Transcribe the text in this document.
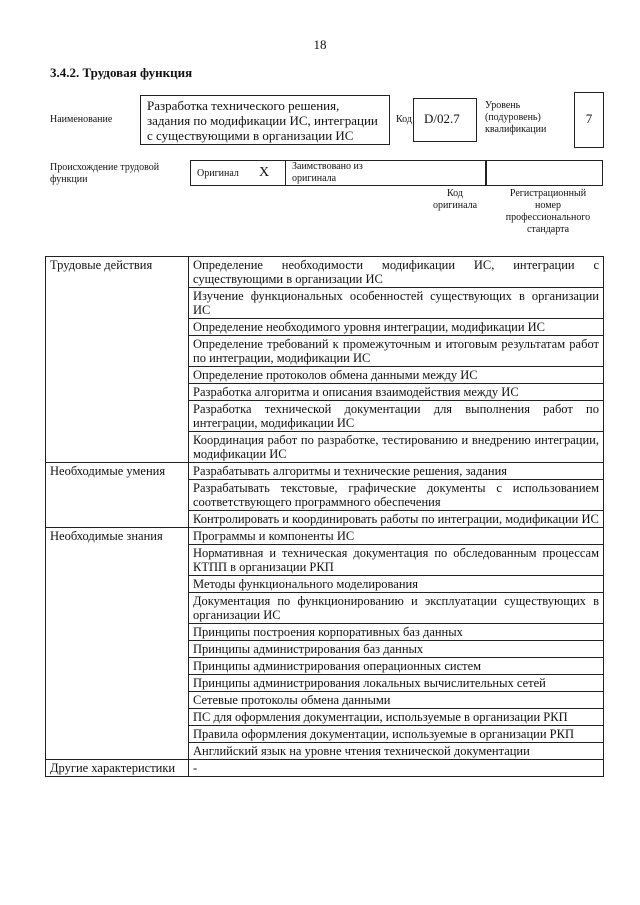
18
3.4.2. Трудовая функция
Наименование
Разработка технического решения, задания по модификации ИС, интеграции с существующими в организации ИС
Код D/02.7
Уровень (подуровень) квалификации
7
Происхождение трудовой функции
Оригинал X Заимствовано из оригинала
Код оригинала
Регистрационный номер профессионального стандарта
Трудовые действия	Определение необходимости модификации ИС, интеграции с существующими в организации ИС
	Изучение функциональных особенностей существующих в организации ИС
	Определение необходимого уровня интеграции, модификации ИС
	Определение требований к промежуточным и итоговым результатам работ по интеграции, модификации ИС
	Определение протоколов обмена данными между ИС
	Разработка алгоритма и описания взаимодействия между ИС
	Разработка технической документации для выполнения работ по интеграции, модификации ИС
	Координация работ по разработке, тестированию и внедрению интеграции, модификации ИС
Необходимые умения	Разрабатывать алгоритмы и технические решения, задания
	Разрабатывать текстовые, графические документы с использованием соответствующего программного обеспечения
	Контролировать и координировать работы по интеграции, модификации ИС
Необходимые знания	Программы и компоненты ИС
	Нормативная и техническая документация по обследованным процессам КТПП в организации РКП
	Методы функционального моделирования
	Документация по функционированию и эксплуатации существующих в организации ИС
	Принципы построения корпоративных баз данных
	Принципы администрирования баз данных
	Принципы администрирования операционных систем
	Принципы администрирования локальных вычислительных сетей
	Сетевые протоколы обмена данными
	ПС для оформления документации, используемые в организации РКП
	Правила оформления документации, используемые в организации РКП
	Английский язык на уровне чтения технической документации
Другие характеристики	-
